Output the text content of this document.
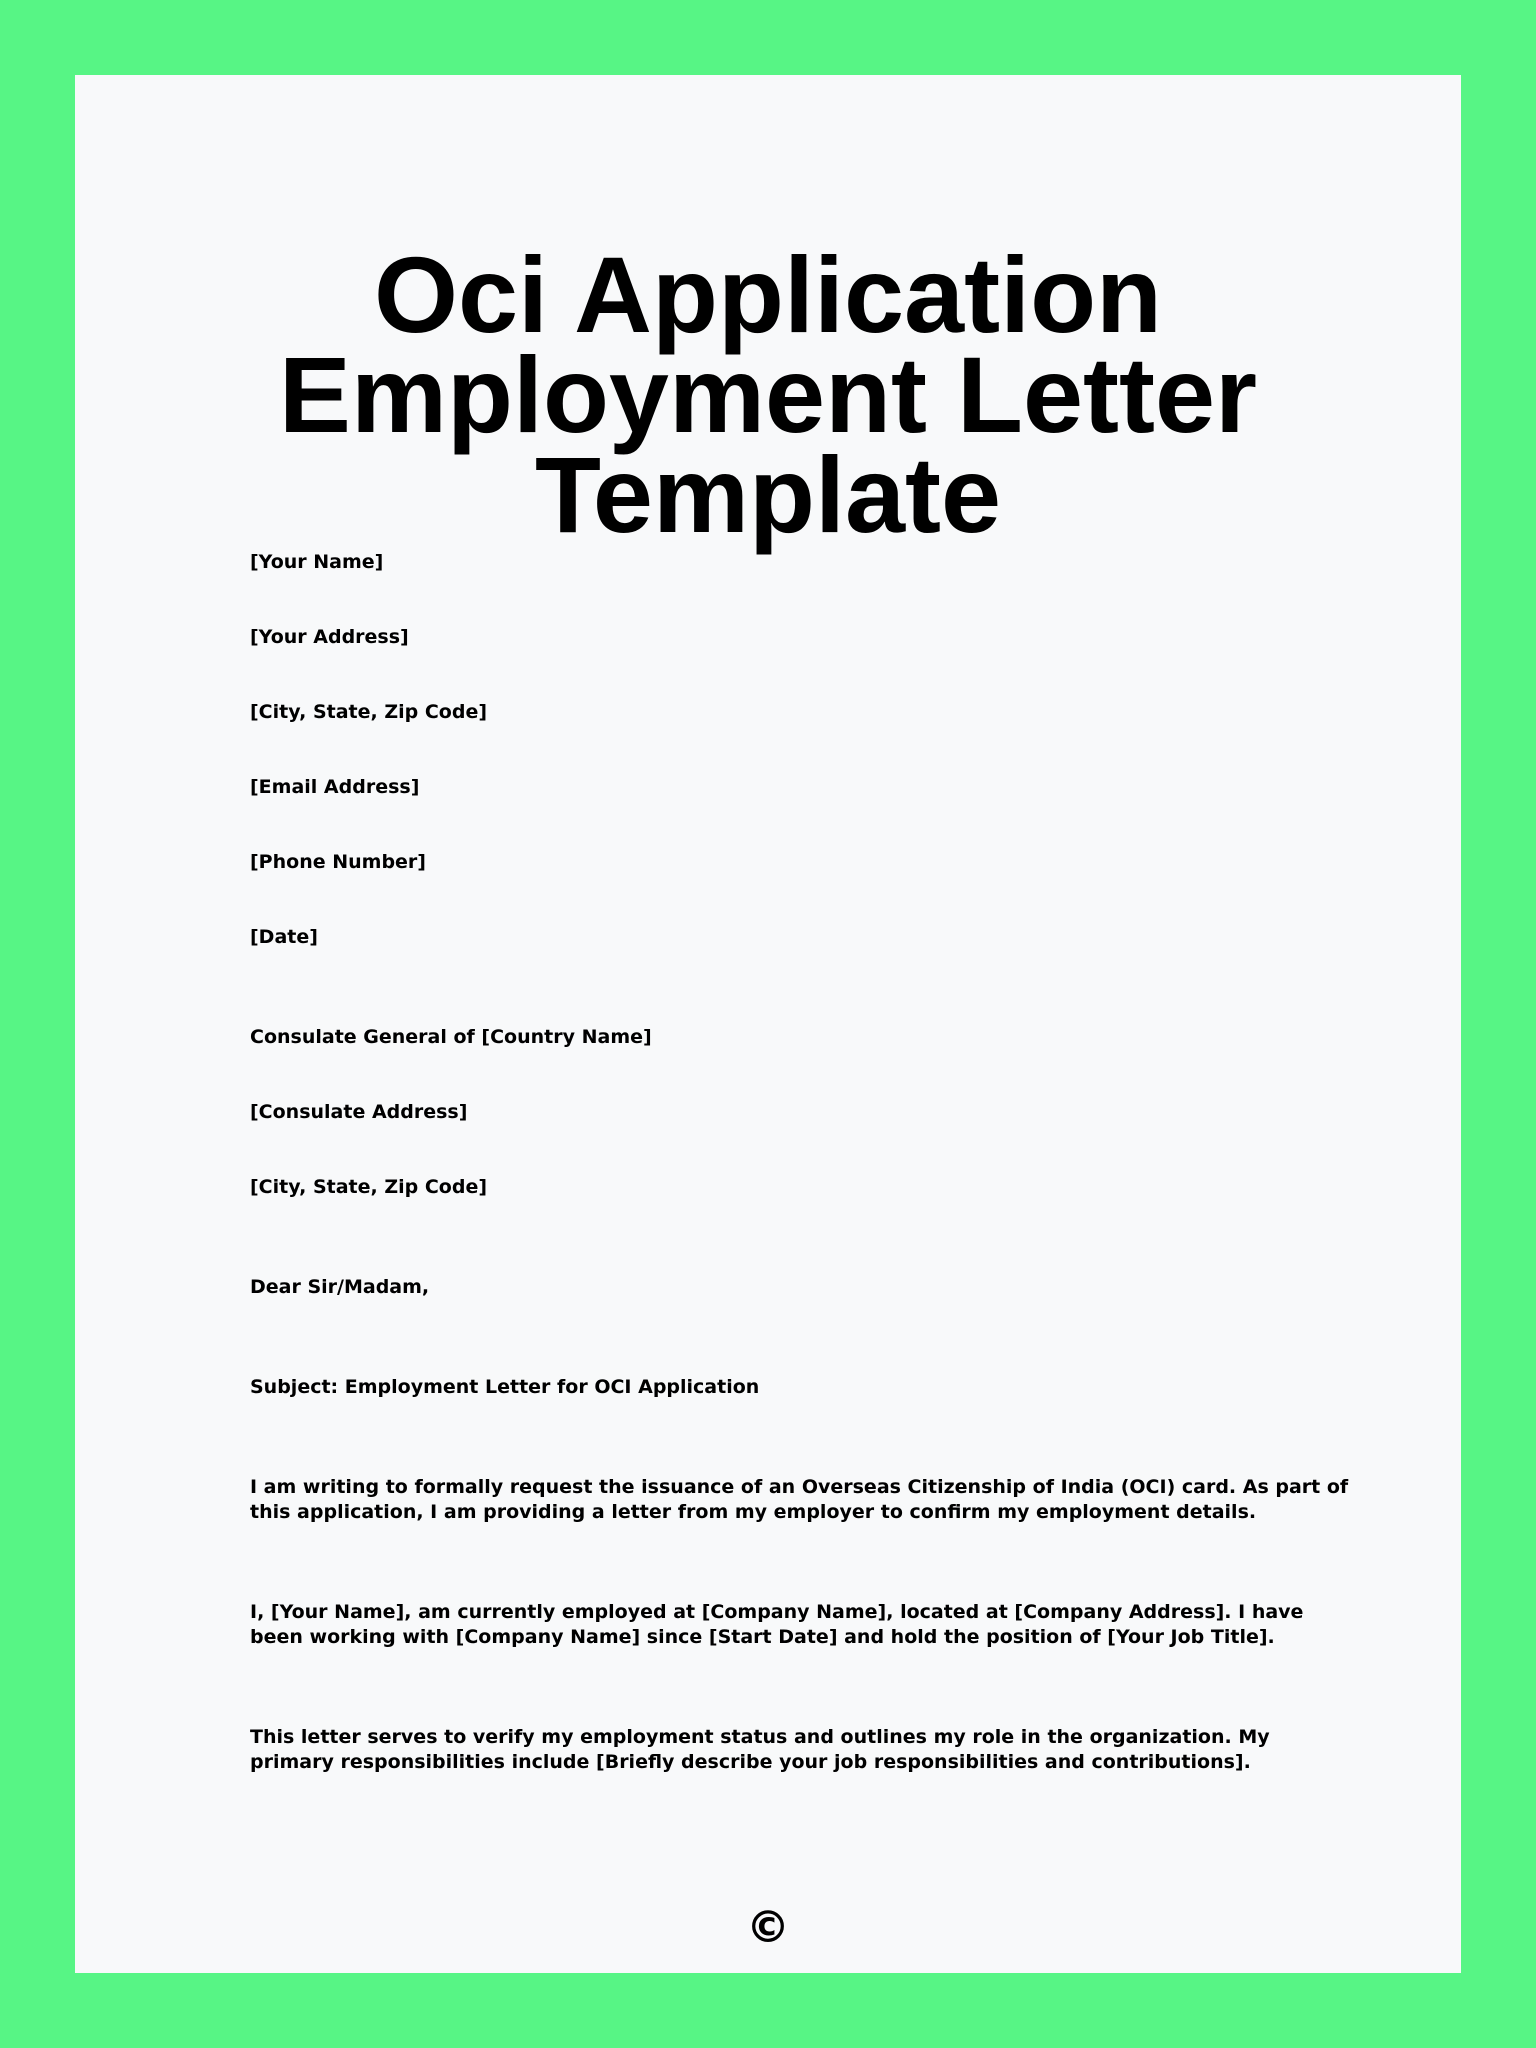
Oci Application Employment Letter Template

[Your Name]

[Your Address]

[City, State, Zip Code]

[Email Address]

[Phone Number]

[Date]

Consulate General of [Country Name]

[Consulate Address]

[City, State, Zip Code]

Dear Sir/Madam,

Subject: Employment Letter for OCI Application

I am writing to formally request the issuance of an Overseas Citizenship of India (OCI) card. As part of this application, I am providing a letter from my employer to confirm my employment details.

I, [Your Name], am currently employed at [Company Name], located at [Company Address]. I have been working with [Company Name] since [Start Date] and hold the position of [Your Job Title].

This letter serves to verify my employment status and outlines my role in the organization. My primary responsibilities include [Briefly describe your job responsibilities and contributions].

©
